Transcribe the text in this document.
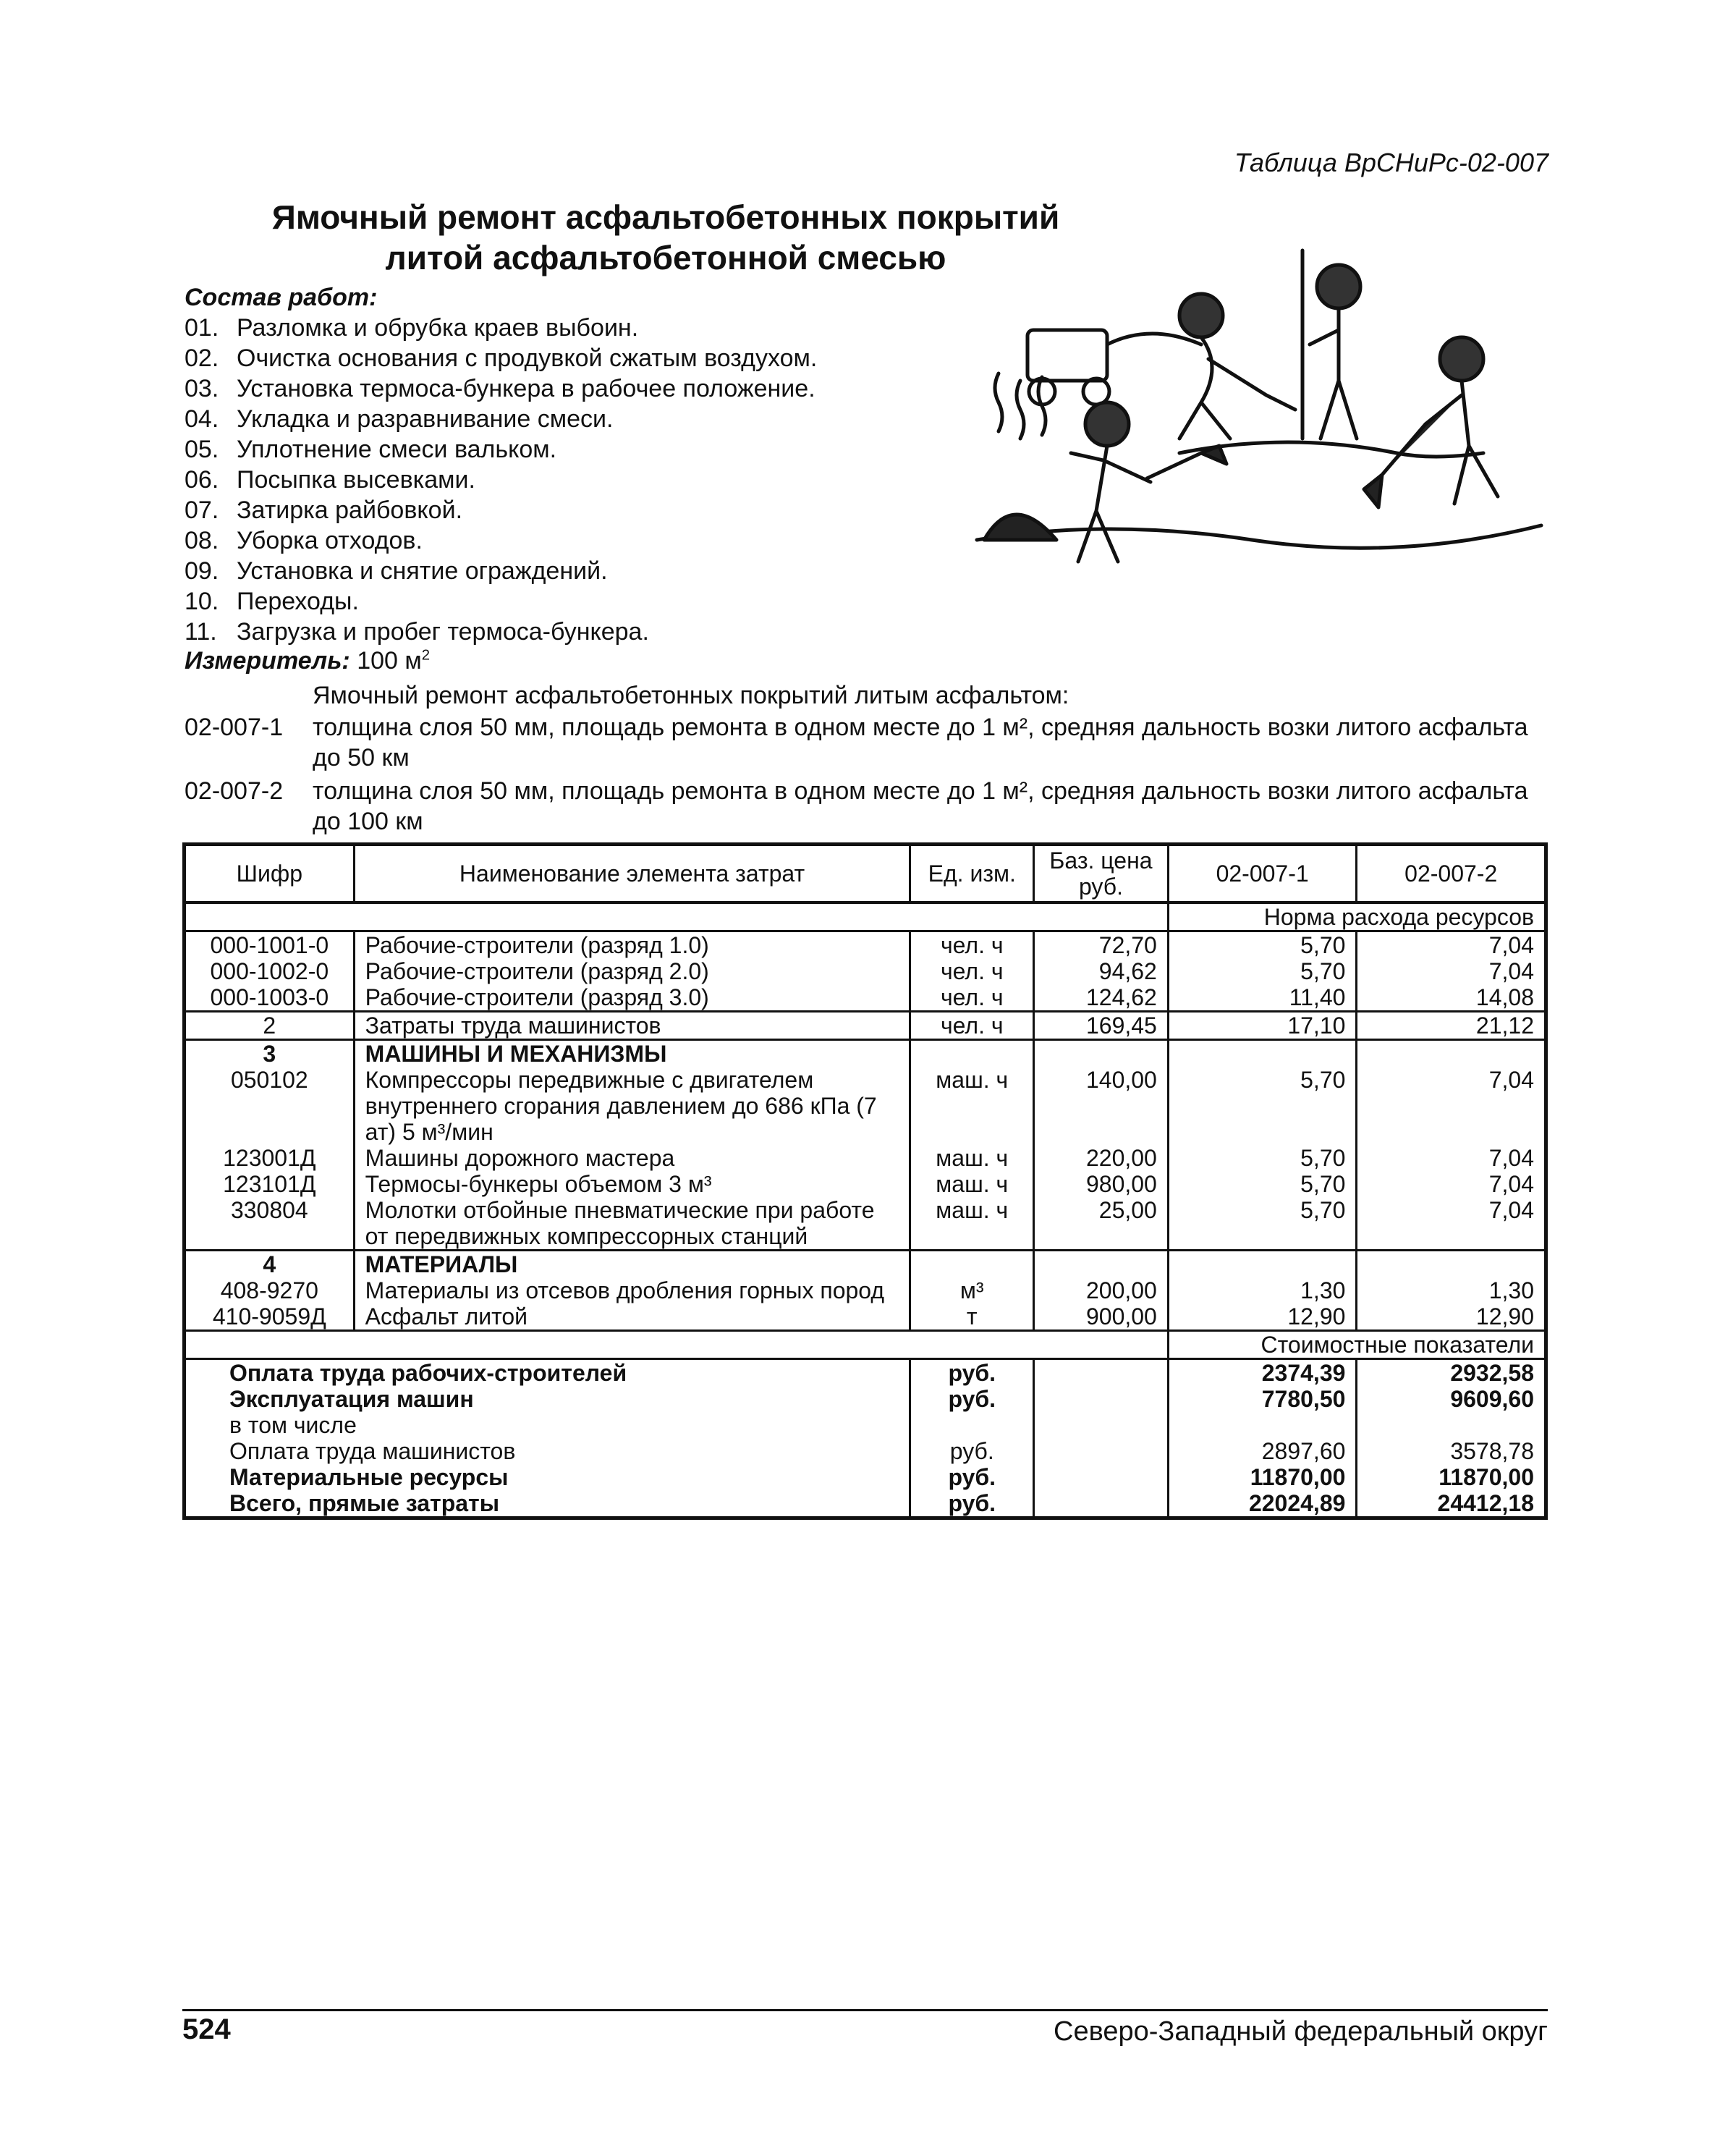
Таблица ВрСНиРс-02-007
Ямочный ремонт асфальтобетонных покрытий
литой асфальтобетонной смесью
Состав работ:
01. Разломка и обрубка краев выбоин.
02. Очистка основания с продувкой сжатым воздухом.
03. Установка термоса-бункера в рабочее положение.
04. Укладка и разравнивание смеси.
05. Уплотнение смеси вальком.
06. Посыпка высевками.
07. Затирка райбовкой.
08. Уборка отходов.
09. Установка и снятие ограждений.
10. Переходы.
11. Загрузка и пробег термоса-бункера.
Измеритель: 100 $м^2$
Ямочный ремонт асфальтобетонных покрытий литым асфальтом:
02-007-1	толщина слоя 50 мм, площадь ремонта в одном месте до 1 м², средняя дальность возки литого асфальта до 50 км
02-007-2	толщина слоя 50 мм, площадь ремонта в одном месте до 1 м², средняя дальность возки литого асфальта до 100 км
Шифр	Наименование элемента затрат	Ед. изм.	Баз. цена руб.	02-007-1	02-007-2
				Норма расхода ресурсов	
000-1001-0	Рабочие-строители (разряд 1.0)	чел. ч	72,70	5,70	7,04
000-1002-0	Рабочие-строители (разряд 2.0)	чел. ч	94,62	5,70	7,04
000-1003-0	Рабочие-строители (разряд 3.0)	чел. ч	124,62	11,40	14,08
2	Затраты труда машинистов	чел. ч	169,45	17,10	21,12
3	МАШИНЫ И МЕХАНИЗМЫ				
050102	Компрессоры передвижные с двигателем внутреннего сгорания давлением до 686 кПа (7 ат) 5 м³/мин	маш. ч	140,00	5,70	7,04
123001Д	Машины дорожного мастера	маш. ч	220,00	5,70	7,04
123101Д	Термосы-бункеры объемом 3 м³	маш. ч	980,00	5,70	7,04
330804	Молотки отбойные пневматические при работе от передвижных компрессорных станций	маш. ч	25,00	5,70	7,04
4	МАТЕРИАЛЫ				
408-9270	Материалы из отсевов дробления горных пород	м³	200,00	1,30	1,30
410-9059Д	Асфальт литой	т	900,00	12,90	12,90
				Стоимостные показатели	
Оплата труда рабочих-строителей		руб.		2374,39	2932,58
Эксплуатация машин		руб.		7780,50	9609,60
в том числе					
Оплата труда машинистов		руб.		2897,60	3578,78
Материальные ресурсы		руб.		11870,00	11870,00
Всего, прямые затраты		руб.		22024,89	24412,18
524	Северо-Западный федеральный округ
